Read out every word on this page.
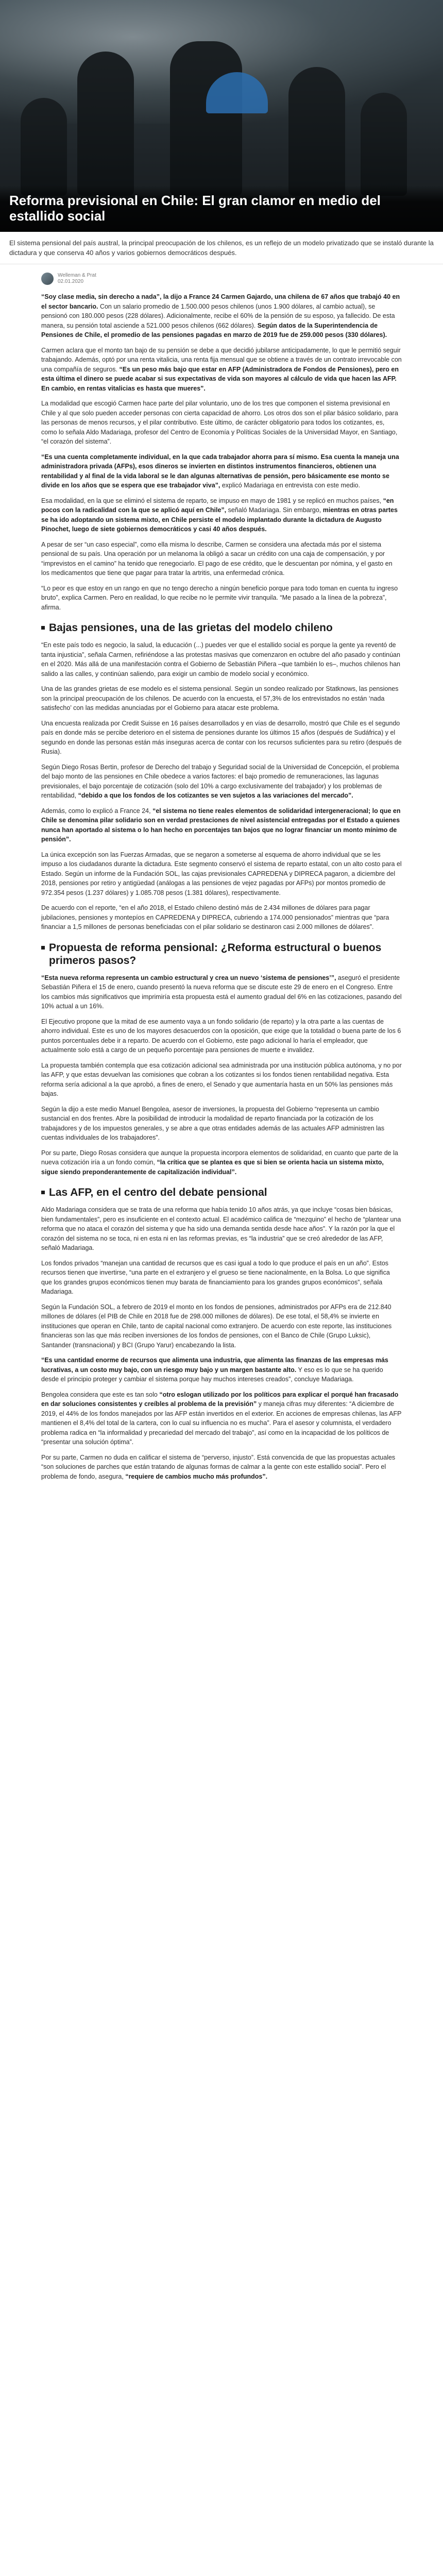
Reforma previsional en Chile: El gran clamor en medio del estallido social
El sistema pensional del país austral, la principal preocupación de los chilenos, es un reflejo de un modelo privatizado que se instaló durante la dictadura y que conserva 40 años y varios gobiernos democráticos después.
Welleman & Prat
02.01.2020

“Soy clase media, sin derecho a nada”, la dijo a France 24 Carmen Gajardo, una chilena de 67 años que trabajó 40 en el sector bancario. Con un salario promedio de 1.500.000 pesos chilenos (unos 1.900 dólares, al cambio actual), se pensionó con 180.000 pesos (228 dólares). Adicionalmente, recibe el 60% de la pensión de su esposo, ya fallecido. De esta manera, su pensión total asciende a 521.000 pesos chilenos (662 dólares). Según datos de la Superintendencia de Pensiones de Chile, el promedio de las pensiones pagadas en marzo de 2019 fue de 259.000 pesos (330 dólares).

Carmen aclara que el monto tan bajo de su pensión se debe a que decidió jubilarse anticipadamente, lo que le permitió seguir trabajando. Además, optó por una renta vitalicia, una renta fija mensual que se obtiene a través de un contrato irrevocable con una compañía de seguros. “Es un peso más bajo que estar en AFP (Administradora de Fondos de Pensiones), pero en esta última el dinero se puede acabar si sus expectativas de vida son mayores al cálculo de vida que hacen las AFP. En cambio, en rentas vitalicias es hasta que mueres”.

La modalidad que escogió Carmen hace parte del pilar voluntario, uno de los tres que componen el sistema previsional en Chile y al que solo pueden acceder personas con cierta capacidad de ahorro. Los otros dos son el pilar básico solidario, para las personas de menos recursos, y el pilar contributivo. Este último, de carácter obligatorio para todos los cotizantes, es, como lo señala Aldo Madariaga, profesor del Centro de Economía y Políticas Sociales de la Universidad Mayor, en Santiago, “el corazón del sistema”.

“Es una cuenta completamente individual, en la que cada trabajador ahorra para sí mismo. Esa cuenta la maneja una administradora privada (AFPs), esos dineros se invierten en distintos instrumentos financieros, obtienen una rentabilidad y al final de la vida laboral se le dan algunas alternativas de pensión, pero básicamente ese monto se divide en los años que se espera que ese trabajador viva”, explicó Madariaga en entrevista con este medio.

Esa modalidad, en la que se eliminó el sistema de reparto, se impuso en mayo de 1981 y se replicó en muchos países, “en pocos con la radicalidad con la que se aplicó aquí en Chile”, señaló Madariaga. Sin embargo, mientras en otras partes se ha ido adoptando un sistema mixto, en Chile persiste el modelo implantado durante la dictadura de Augusto Pinochet, luego de siete gobiernos democráticos y casi 40 años después.

A pesar de ser “un caso especial”, como ella misma lo describe, Carmen se considera una afectada más por el sistema pensional de su país. Una operación por un melanoma la obligó a sacar un crédito con una caja de compensación, y por “imprevistos en el camino” ha tenido que renegociarlo. El pago de ese crédito, que le descuentan por nómina, y el gasto en los medicamentos que tiene que pagar para tratar la artritis, una enfermedad crónica.

“Lo peor es que estoy en un rango en que no tengo derecho a ningún beneficio porque para todo toman en cuenta tu ingreso bruto”, explica Carmen. Pero en realidad, lo que recibe no le permite vivir tranquila. “Me pasado a la línea de la pobreza”, afirma.

Bajas pensiones, una de las grietas del modelo chileno

“En este país todo es negocio, la salud, la educación (...) puedes ver que el estallido social es porque la gente ya reventó de tanta injusticia”, señala Carmen, refiriéndose a las protestas masivas que comenzaron en octubre del año pasado y continúan en el 2020. Más allá de una manifestación contra el Gobierno de Sebastián Piñera –que también lo es–, muchos chilenos han salido a las calles, y continúan saliendo, para exigir un cambio de modelo social y económico.

Una de las grandes grietas de ese modelo es el sistema pensional. Según un sondeo realizado por Statknows, las pensiones son la principal preocupación de los chilenos. De acuerdo con la encuesta, el 57,3% de los entrevistados no están ‘nada satisfecho’ con las medidas anunciadas por el Gobierno para atacar este problema.

Una encuesta realizada por Credit Suisse en 16 países desarrollados y en vías de desarrollo, mostró que Chile es el segundo país en donde más se percibe deterioro en el sistema de pensiones durante los últimos 15 años (después de Sudáfrica) y el segundo en donde las personas están más inseguras acerca de contar con los recursos suficientes para su retiro (después de Rusia).

Según Diego Rosas Bertin, profesor de Derecho del trabajo y Seguridad social de la Universidad de Concepción, el problema del bajo monto de las pensiones en Chile obedece a varios factores: el bajo promedio de remuneraciones, las lagunas previsionales, el bajo porcentaje de cotización (solo del 10% a cargo exclusivamente del trabajador) y los problemas de rentabilidad, “debido a que los fondos de los cotizantes se ven sujetos a las variaciones del mercado”.

Además, como lo explicó a France 24, “el sistema no tiene reales elementos de solidaridad intergeneracional; lo que en Chile se denomina pilar solidario son en verdad prestaciones de nivel asistencial entregadas por el Estado a quienes nunca han aportado al sistema o lo han hecho en porcentajes tan bajos que no lograr financiar un monto mínimo de pensión”.

La única excepción son las Fuerzas Armadas, que se negaron a someterse al esquema de ahorro individual que se les impuso a los ciudadanos durante la dictadura. Este segmento conservó el sistema de reparto estatal, con un alto costo para el Estado. Según un informe de la Fundación SOL, las cajas previsionales CAPREDENA y DIPRECA pagaron, a diciembre del 2018, pensiones por retiro y antigüedad (análogas a las pensiones de vejez pagadas por AFPs) por montos promedio de 972.354 pesos (1.237 dólares) y 1.085.708 pesos (1.381 dólares), respectivamente.

De acuerdo con el reporte, “en el año 2018, el Estado chileno destinó más de 2.434 millones de dólares para pagar jubilaciones, pensiones y montepíos en CAPREDENA y DIPRECA, cubriendo a 174.000 pensionados” mientras que “para financiar a 1,5 millones de personas beneficiadas con el pilar solidario se destinaron casi 2.000 millones de dólares”.

Propuesta de reforma pensional: ¿Reforma estructural o buenos primeros pasos?

“Esta nueva reforma representa un cambio estructural y crea un nuevo ‘sistema de pensiones’”, aseguró el presidente Sebastián Piñera el 15 de enero, cuando presentó la nueva reforma que se discute este 29 de enero en el Congreso. Entre los cambios más significativos que imprimiría esta propuesta está el aumento gradual del 6% en las cotizaciones, pasando del 10% actual a un 16%.

El Ejecutivo propone que la mitad de ese aumento vaya a un fondo solidario (de reparto) y la otra parte a las cuentas de ahorro individual. Este es uno de los mayores desacuerdos con la oposición, que exige que la totalidad o buena parte de los 6 puntos porcentuales debe ir a reparto. De acuerdo con el Gobierno, este pago adicional lo haría el empleador, que actualmente solo está a cargo de un pequeño porcentaje para pensiones de muerte e invalidez.

La propuesta también contempla que esa cotización adicional sea administrada por una institución pública autónoma, y no por las AFP, y que estas devuelvan las comisiones que cobran a los cotizantes si los fondos tienen rentabilidad negativa. Esta reforma sería adicional a la que aprobó, a fines de enero, el Senado y que aumentaría hasta en un 50% las pensiones más bajas.

Según la dijo a este medio Manuel Bengolea, asesor de inversiones, la propuesta del Gobierno “representa un cambio sustancial en dos frentes. Abre la posibilidad de introducir la modalidad de reparto financiada por la cotización de los trabajadores y de los impuestos generales, y se abre a que otras entidades además de las actuales AFP administren las cuentas individuales de los trabajadores”.

Por su parte, Diego Rosas considera que aunque la propuesta incorpora elementos de solidaridad, en cuanto que parte de la nueva cotización iría a un fondo común, “la crítica que se plantea es que si bien se orienta hacia un sistema mixto, sigue siendo preponderantemente de capitalización individual”.

Las AFP, en el centro del debate pensional

Aldo Madariaga considera que se trata de una reforma que había tenido 10 años atrás, ya que incluye “cosas bien básicas, bien fundamentales”, pero es insuficiente en el contexto actual. El académico califica de “mezquino” el hecho de “plantear una reforma que no ataca el corazón del sistema y que ha sido una demanda sentida desde hace años”. Y la razón por la que el corazón del sistema no se toca, ni en esta ni en las reformas previas, es “la industria” que se creó alrededor de las AFP, señaló Madariaga.

Los fondos privados “manejan una cantidad de recursos que es casi igual a todo lo que produce el país en un año”. Estos recursos tienen que invertirse, “una parte en el extranjero y el grueso se tiene nacionalmente, en la Bolsa. Lo que significa que los grandes grupos económicos tienen muy barata de financiamiento para los grandes grupos económicos”, señala Madariaga.

Según la Fundación SOL, a febrero de 2019 el monto en los fondos de pensiones, administrados por AFPs era de 212.840 millones de dólares (el PIB de Chile en 2018 fue de 298.000 millones de dólares). De ese total, el 58,4% se invierte en instituciones que operan en Chile, tanto de capital nacional como extranjero. De acuerdo con este reporte, las instituciones financieras son las que más reciben inversiones de los fondos de pensiones, con el Banco de Chile (Grupo Luksic), Santander (transnacional) y BCI (Grupo Yarur) encabezando la lista.

“Es una cantidad enorme de recursos que alimenta una industria, que alimenta las finanzas de las empresas más lucrativas, a un costo muy bajo, con un riesgo muy bajo y un margen bastante alto. Y eso es lo que se ha querido desde el principio proteger y cambiar el sistema porque hay muchos intereses creados”, concluye Madariaga.

Bengolea considera que este es tan solo “otro eslogan utilizado por los políticos para explicar el porqué han fracasado en dar soluciones consistentes y creíbles al problema de la previsión” y maneja cifras muy diferentes: “A diciembre de 2019, el 44% de los fondos manejados por las AFP están invertidos en el exterior. En acciones de empresas chilenas, las AFP mantienen el 8,4% del total de la cartera, con lo cual su influencia no es mucha”. Para el asesor y columnista, el verdadero problema radica en “la informalidad y precariedad del mercado del trabajo”, así como en la incapacidad de los políticos de “presentar una solución óptima”.

Por su parte, Carmen no duda en calificar el sistema de “perverso, injusto”. Está convencida de que las propuestas actuales “son soluciones de parches que están tratando de algunas formas de calmar a la gente con este estallido social”. Pero el problema de fondo, asegura, “requiere de cambios mucho más profundos”.
